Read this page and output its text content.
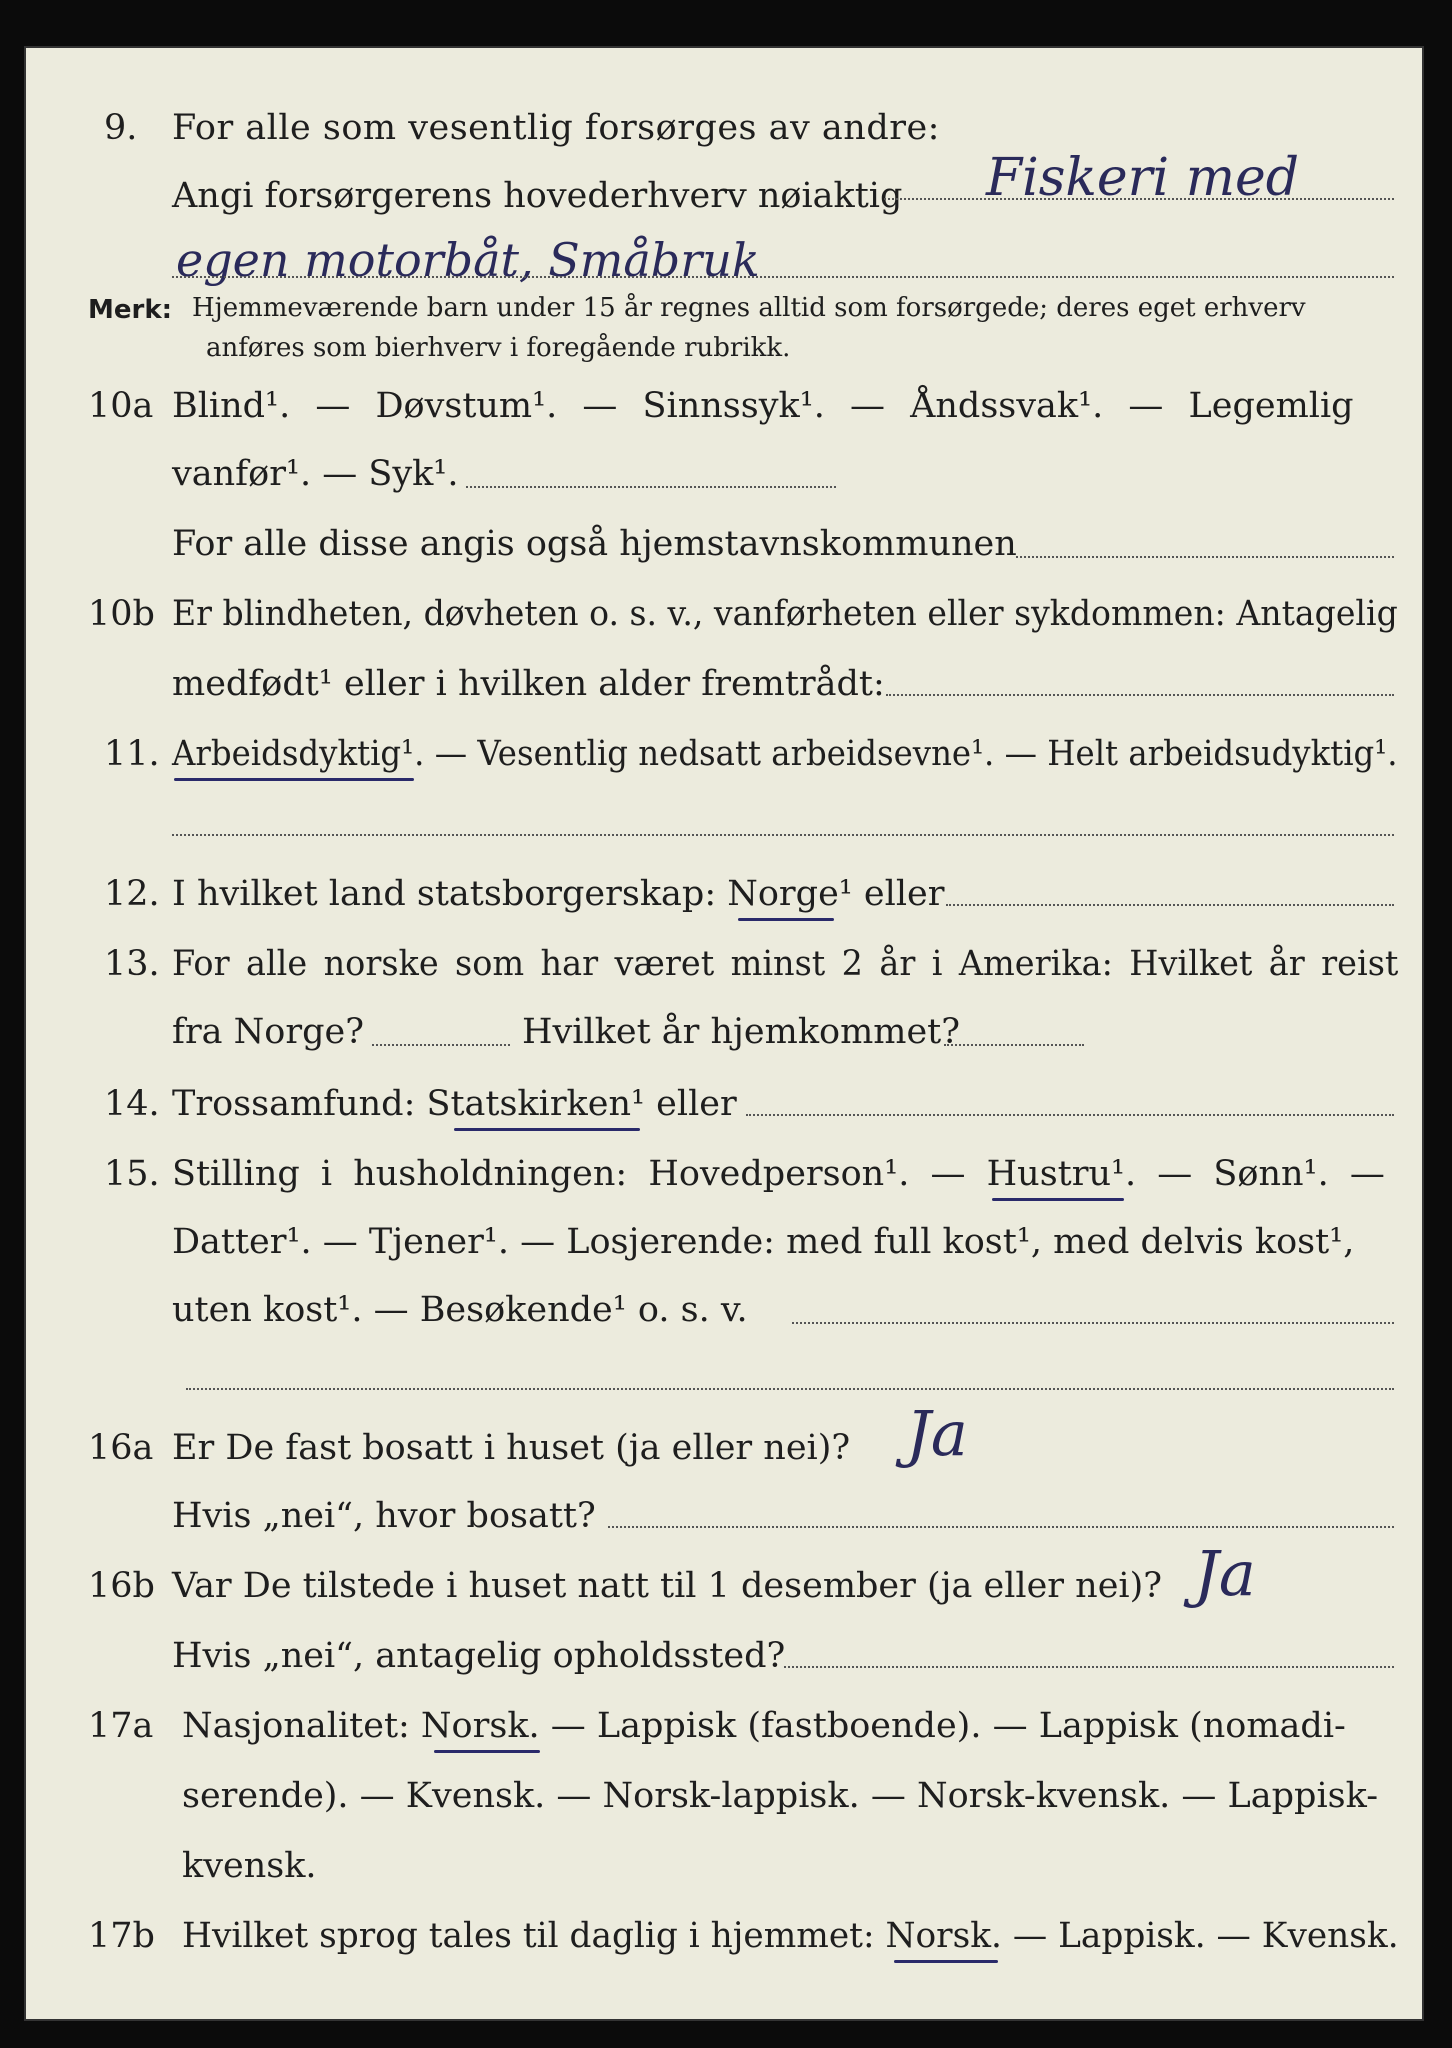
9. For alle som vesentlig forsørges av andre:
Angi forsørgerens hovederhverv nøiaktig Fiskeri med
egen motorbåt, Småbruk
Merk: Hjemmeværende barn under 15 år regnes alltid som forsørgede; deres eget erhverv
anføres som bierhverv i foregående rubrikk.
10a Blind¹. — Døvstum¹. — Sinnssyk¹. — Åndssvak¹. — Legemlig
vanfør¹. — Syk¹.
For alle disse angis også hjemstavnskommunen
10b Er blindheten, døvheten o. s. v., vanførheten eller sykdommen: Antagelig
medfødt¹ eller i hvilken alder fremtrådt:
11. Arbeidsdyktig¹. — Vesentlig nedsatt arbeidsevne¹. — Helt arbeidsudyktig¹.
12. I hvilket land statsborgerskap: Norge¹ eller
13. For alle norske som har været minst 2 år i Amerika: Hvilket år reist
fra Norge?	Hvilket år hjemkommet?
14. Trossamfund: Statskirken¹ eller
15. Stilling i husholdningen: Hovedperson¹. — Hustru¹. — Sønn¹. —
Datter¹. — Tjener¹. — Losjerende: med full kost¹, med delvis kost¹,
uten kost¹. — Besøkende¹ o. s. v.
16a Er De fast bosatt i huset (ja eller nei)? Ja
Hvis „nei“, hvor bosatt?
16b Var De tilstede i huset natt til 1 desember (ja eller nei)? Ja
Hvis „nei“, antagelig opholdssted?
17a Nasjonalitet: Norsk. — Lappisk (fastboende). — Lappisk (nomadi-
serende). — Kvensk. — Norsk-lappisk. — Norsk-kvensk. — Lappisk-
kvensk.
17b Hvilket sprog tales til daglig i hjemmet: Norsk. — Lappisk. — Kvensk.
